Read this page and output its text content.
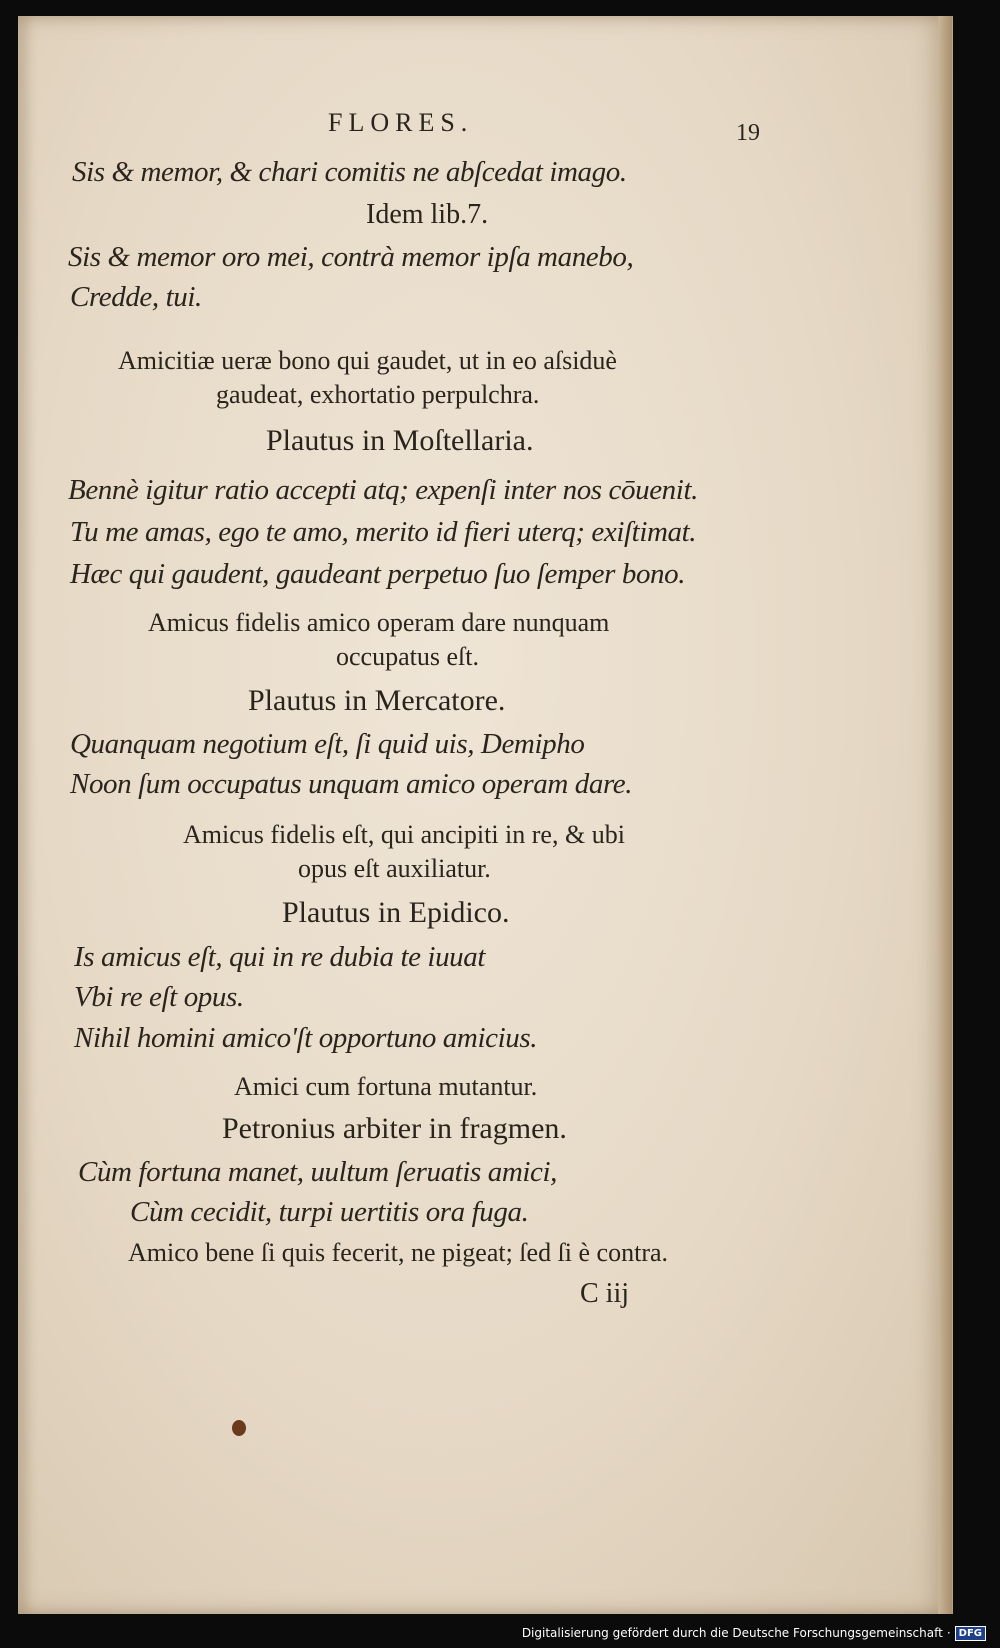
FLORES.	19
Sis & memor, & chari comitis ne abſcedat imago.
Idem lib.7.
Sis & memor oro mei, contrà memor ipſa manebo,
Credde, tui.
Amicitiæ ueræ bono qui gaudet, ut in eo aſsiduè
gaudeat, exhortatio perpulchra.
Plautus in Moſtellaria.
Bennè igitur ratio accepti atq; expenſi inter nos cōuenit.
Tu me amas, ego te amo, merito id fieri uterq; exiſtimat.
Hæc qui gaudent, gaudeant perpetuo ſuo ſemper bono.
Amicus fidelis amico operam dare nunquam
occupatus eſt.
Plautus in Mercatore.
Quanquam negotium eſt, ſi quid uis, Demipho
Noon ſum occupatus unquam amico operam dare.
Amicus fidelis eſt, qui ancipiti in re, & ubi
opus eſt auxiliatur.
Plautus in Epidico.
Is amicus eſt, qui in re dubia te iuuat
Vbi re eſt opus.
Nihil homini amico'ſt opportuno amicius.
Amici cum fortuna mutantur.
Petronius arbiter in fragmen.
Cùm fortuna manet, uultum ſeruatis amici,
Cùm cecidit, turpi uertitis ora fuga.
Amico bene ſi quis fecerit, ne pigeat; ſed ſi è contra.
C iij
Digitalisierung gefördert durch die Deutsche Forschungsgemeinschaft · DFG
